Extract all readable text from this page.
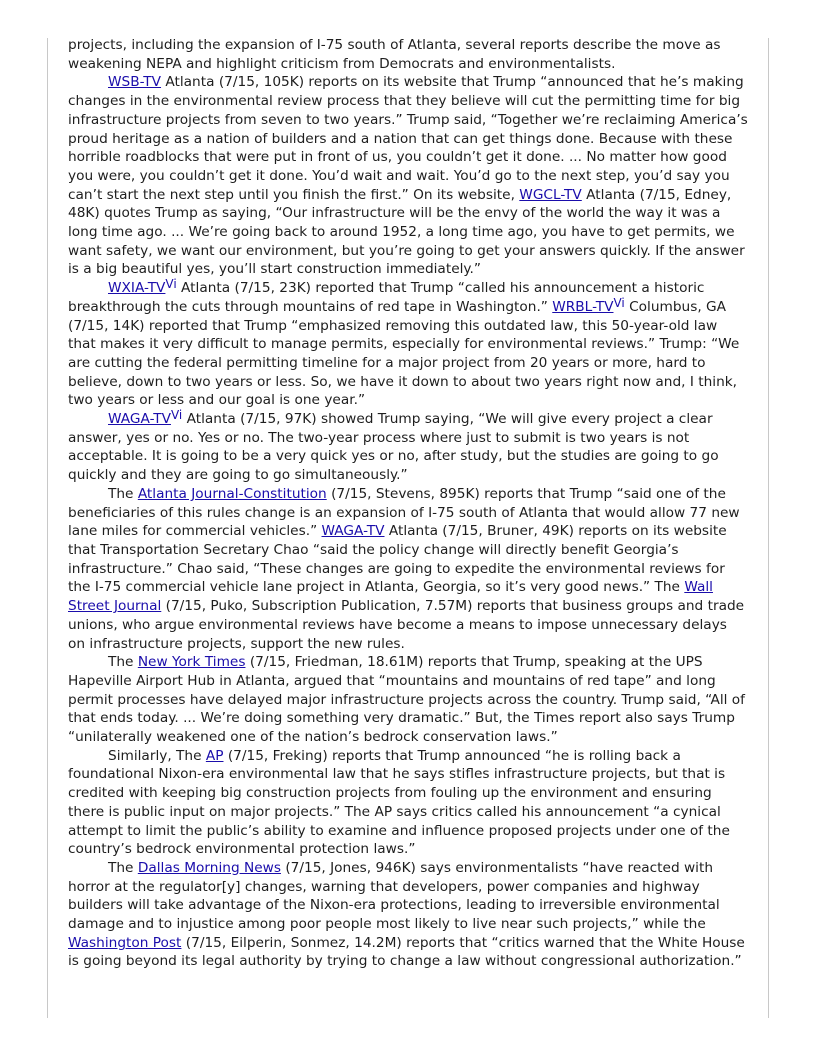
projects, including the expansion of I-75 south of Atlanta, several reports describe the move as weakening NEPA and highlight criticism from Democrats and environmentalists.

WSB-TV Atlanta (7/15, 105K) reports on its website that Trump “announced that he’s making changes in the environmental review process that they believe will cut the permitting time for big infrastructure projects from seven to two years.” Trump said, “Together we’re reclaiming America’s proud heritage as a nation of builders and a nation that can get things done. Because with these horrible roadblocks that were put in front of us, you couldn’t get it done. ... No matter how good you were, you couldn’t get it done. You’d wait and wait. You’d go to the next step, you’d say you can’t start the next step until you finish the first.” On its website, WGCL-TV Atlanta (7/15, Edney, 48K) quotes Trump as saying, “Our infrastructure will be the envy of the world the way it was a long time ago. ... We’re going back to around 1952, a long time ago, you have to get permits, we want safety, we want our environment, but you’re going to get your answers quickly. If the answer is a big beautiful yes, you’ll start construction immediately.”

WXIA-$TV^{Vi}$ Atlanta (7/15, 23K) reported that Trump “called his announcement a historic breakthrough the cuts through mountains of red tape in Washington.” WRBL-$TV^{Vi}$ Columbus, GA (7/15, 14K) reported that Trump “emphasized removing this outdated law, this 50-year-old law that makes it very difficult to manage permits, especially for environmental reviews.” Trump: “We are cutting the federal permitting timeline for a major project from 20 years or more, hard to believe, down to two years or less. So, we have it down to about two years right now and, I think, two years or less and our goal is one year.”

WAGA-$TV^{Vi}$ Atlanta (7/15, 97K) showed Trump saying, “We will give every project a clear answer, yes or no. Yes or no. The two-year process where just to submit is two years is not acceptable. It is going to be a very quick yes or no, after study, but the studies are going to go quickly and they are going to go simultaneously.”

The Atlanta Journal-Constitution (7/15, Stevens, 895K) reports that Trump “said one of the beneficiaries of this rules change is an expansion of I-75 south of Atlanta that would allow 77 new lane miles for commercial vehicles.” WAGA-TV Atlanta (7/15, Bruner, 49K) reports on its website that Transportation Secretary Chao “said the policy change will directly benefit Georgia’s infrastructure.” Chao said, “These changes are going to expedite the environmental reviews for the I-75 commercial vehicle lane project in Atlanta, Georgia, so it’s very good news.” The Wall Street Journal (7/15, Puko, Subscription Publication, 7.57M) reports that business groups and trade unions, who argue environmental reviews have become a means to impose unnecessary delays on infrastructure projects, support the new rules.

The New York Times (7/15, Friedman, 18.61M) reports that Trump, speaking at the UPS Hapeville Airport Hub in Atlanta, argued that “mountains and mountains of red tape” and long permit processes have delayed major infrastructure projects across the country. Trump said, “All of that ends today. ... We’re doing something very dramatic.” But, the Times report also says Trump “unilaterally weakened one of the nation’s bedrock conservation laws.”

Similarly, The AP (7/15, Freking) reports that Trump announced “he is rolling back a foundational Nixon-era environmental law that he says stifles infrastructure projects, but that is credited with keeping big construction projects from fouling up the environment and ensuring there is public input on major projects.” The AP says critics called his announcement “a cynical attempt to limit the public’s ability to examine and influence proposed projects under one of the country’s bedrock environmental protection laws.”

The Dallas Morning News (7/15, Jones, 946K) says environmentalists “have reacted with horror at the regulator[y] changes, warning that developers, power companies and highway builders will take advantage of the Nixon-era protections, leading to irreversible environmental damage and to injustice among poor people most likely to live near such projects,” while the Washington Post (7/15, Eilperin, Sonmez, 14.2M) reports that “critics warned that the White House is going beyond its legal authority by trying to change a law without congressional authorization.”
